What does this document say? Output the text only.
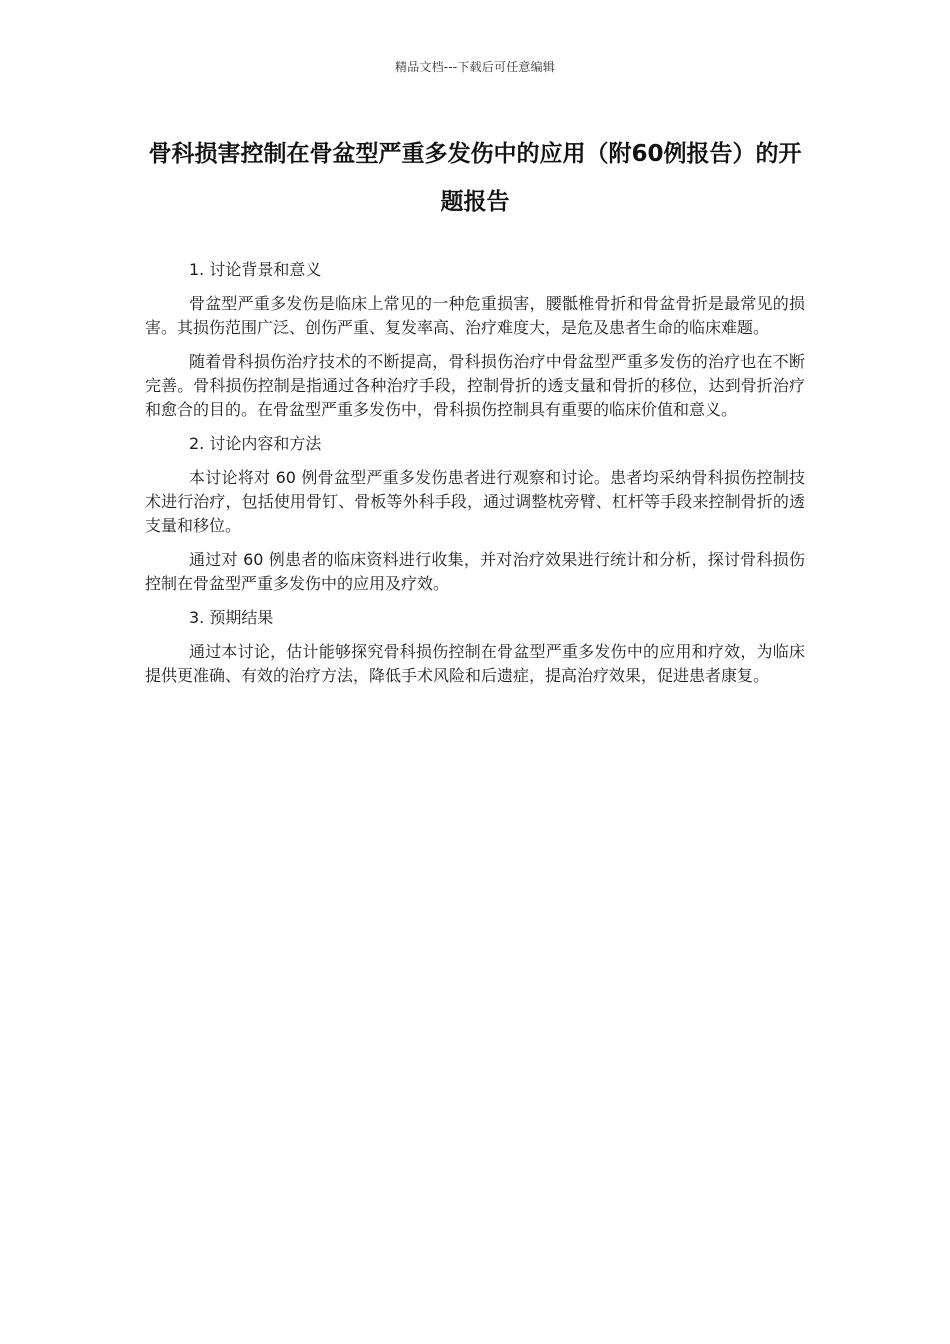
精品文档---下载后可任意编辑
骨科损害控制在骨盆型严重多发伤中的应用（附60例报告）的开题报告

1. 讨论背景和意义

骨盆型严重多发伤是临床上常见的一种危重损害，腰骶椎骨折和骨盆骨折是最常见的损害。其损伤范围广泛、创伤严重、复发率高、治疗难度大，是危及患者生命的临床难题。

随着骨科损伤治疗技术的不断提高，骨科损伤治疗中骨盆型严重多发伤的治疗也在不断完善。骨科损伤控制是指通过各种治疗手段，控制骨折的透支量和骨折的移位，达到骨折治疗和愈合的目的。在骨盆型严重多发伤中，骨科损伤控制具有重要的临床价值和意义。

2. 讨论内容和方法

本讨论将对 60 例骨盆型严重多发伤患者进行观察和讨论。患者均采纳骨科损伤控制技术进行治疗，包括使用骨钉、骨板等外科手段，通过调整枕旁臂、杠杆等手段来控制骨折的透支量和移位。

通过对 60 例患者的临床资料进行收集，并对治疗效果进行统计和分析，探讨骨科损伤控制在骨盆型严重多发伤中的应用及疗效。

3. 预期结果

通过本讨论，估计能够探究骨科损伤控制在骨盆型严重多发伤中的应用和疗效，为临床提供更准确、有效的治疗方法，降低手术风险和后遗症，提高治疗效果，促进患者康复。
